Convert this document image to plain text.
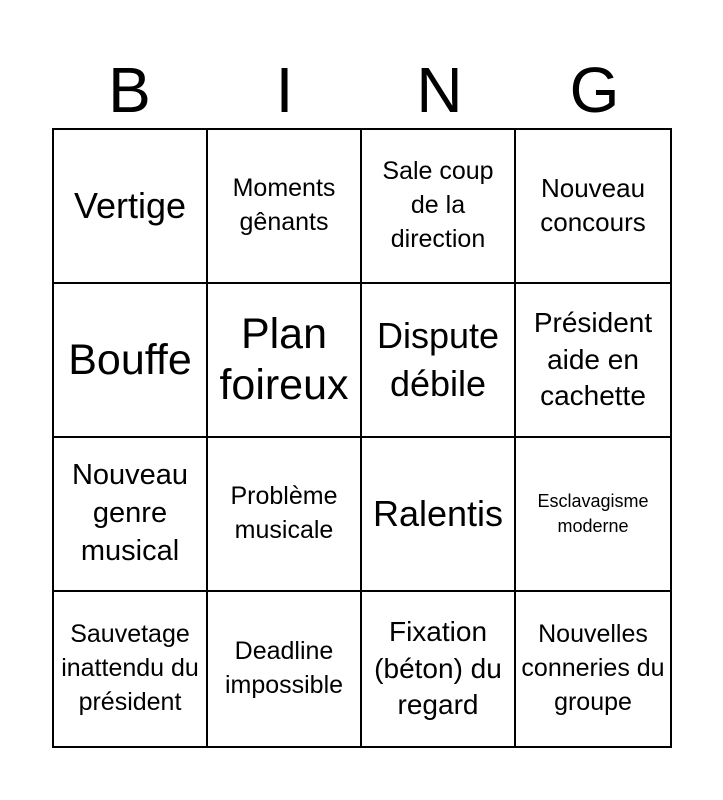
B	I	N	G
Vertige	Moments gênants
Sale coup de la direction
Nouveau concours
Bouffe
Plan foireux
Dispute débile
Président aide en cachette
Nouveau genre musical
Problème musicale	Ralentis	Esclavagisme moderne
Sauvetage inattendu du président
Deadline impossible
Fixation (béton) du regard
Nouvelles conneries du groupe
